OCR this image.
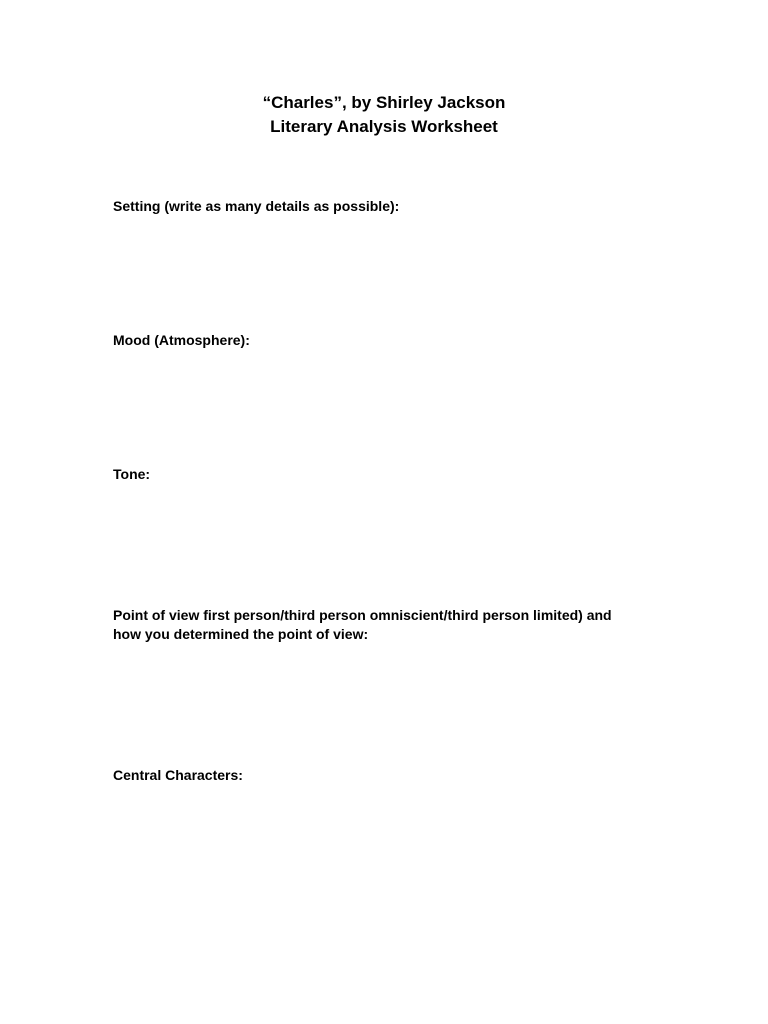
“Charles”, by Shirley Jackson
Literary Analysis Worksheet
Setting (write as many details as possible):
Mood (Atmosphere):
Tone:
Point of view first person/third person omniscient/third person limited) and
how you determined the point of view:
Central Characters:
